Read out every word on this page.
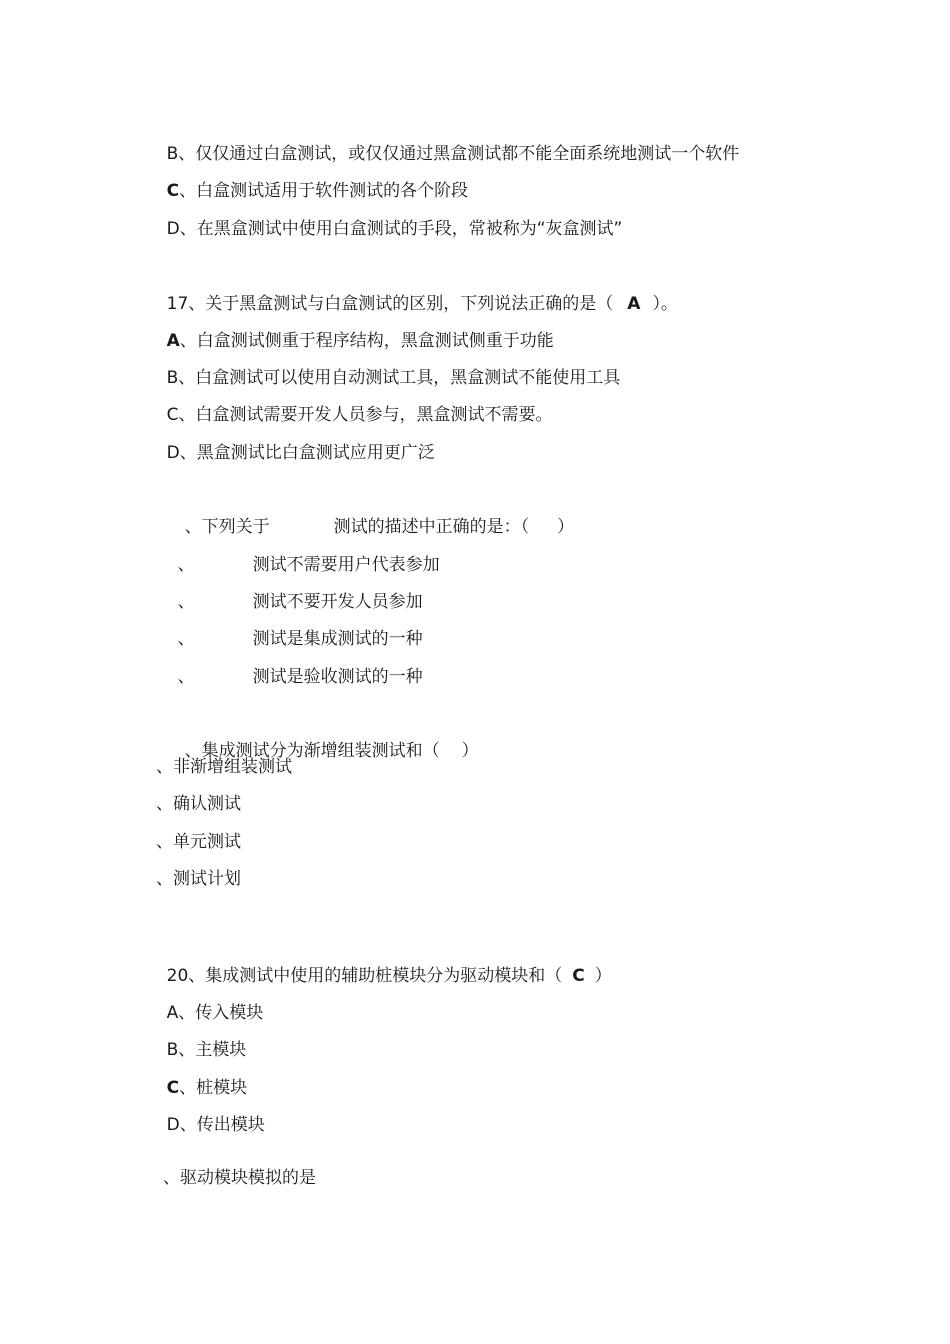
B、仅仅通过白盒测试，或仅仅通过黑盒测试都不能全面系统地测试一个软件

C、白盒测试适用于软件测试的各个阶段

D、在黑盒测试中使用白盒测试的手段，常被称为“灰盒测试”

17、关于黑盒测试与白盒测试的区别，下列说法正确的是（ A ）。

A、白盒测试侧重于程序结构，黑盒测试侧重于功能

B、白盒测试可以使用自动测试工具，黑盒测试不能使用工具

C、白盒测试需要开发人员参与，黑盒测试不需要。

D、黑盒测试比白盒测试应用更广泛

、下列关于	测试的描述中正确的是：（ ）

、	测试不需要用户代表参加

、	测试不要开发人员参加

、	测试是集成测试的一种

、	测试是验收测试的一种

、集成测试分为渐增组装测试和（ ）

、非渐增组装测试
、确认测试
、单元测试
、测试计划

20、集成测试中使用的辅助桩模块分为驱动模块和（ C ）

A、传入模块

B、主模块

C、桩模块

D、传出模块

、驱动模块模拟的是
